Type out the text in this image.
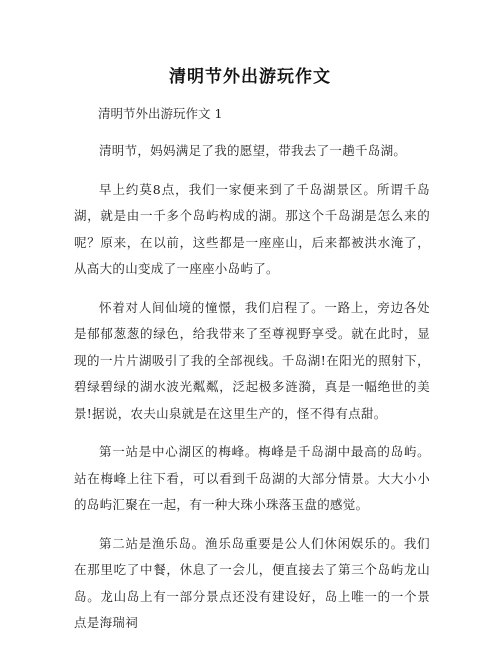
清明节外出游玩作文

清明节外出游玩作文 1

清明节，妈妈满足了我的愿望，带我去了一趟千岛湖。

早上约莫8点，我们一家便来到了千岛湖景区。所谓千岛湖，就是由一千多个岛屿构成的湖。那这个千岛湖是怎么来的呢？原来，在以前，这些都是一座座山，后来都被洪水淹了，从高大的山变成了一座座小岛屿了。

怀着对人间仙境的憧憬，我们启程了。一路上，旁边各处是郁郁葱葱的绿色，给我带来了至尊视野享受。就在此时，显现的一片片湖吸引了我的全部视线。千岛湖!在阳光的照射下，碧绿碧绿的湖水波光粼粼，泛起极多涟漪，真是一幅绝世的美景!据说，农夫山泉就是在这里生产的，怪不得有点甜。

第一站是中心湖区的梅峰。梅峰是千岛湖中最高的岛屿。站在梅峰上往下看，可以看到千岛湖的大部分情景。大大小小的岛屿汇聚在一起，有一种大珠小珠落玉盘的感觉。

第二站是渔乐岛。渔乐岛重要是公人们休闲娱乐的。我们在那里吃了中餐，休息了一会儿，便直接去了第三个岛屿龙山岛。龙山岛上有一部分景点还没有建设好，岛上唯一的一个景点是海瑞祠
